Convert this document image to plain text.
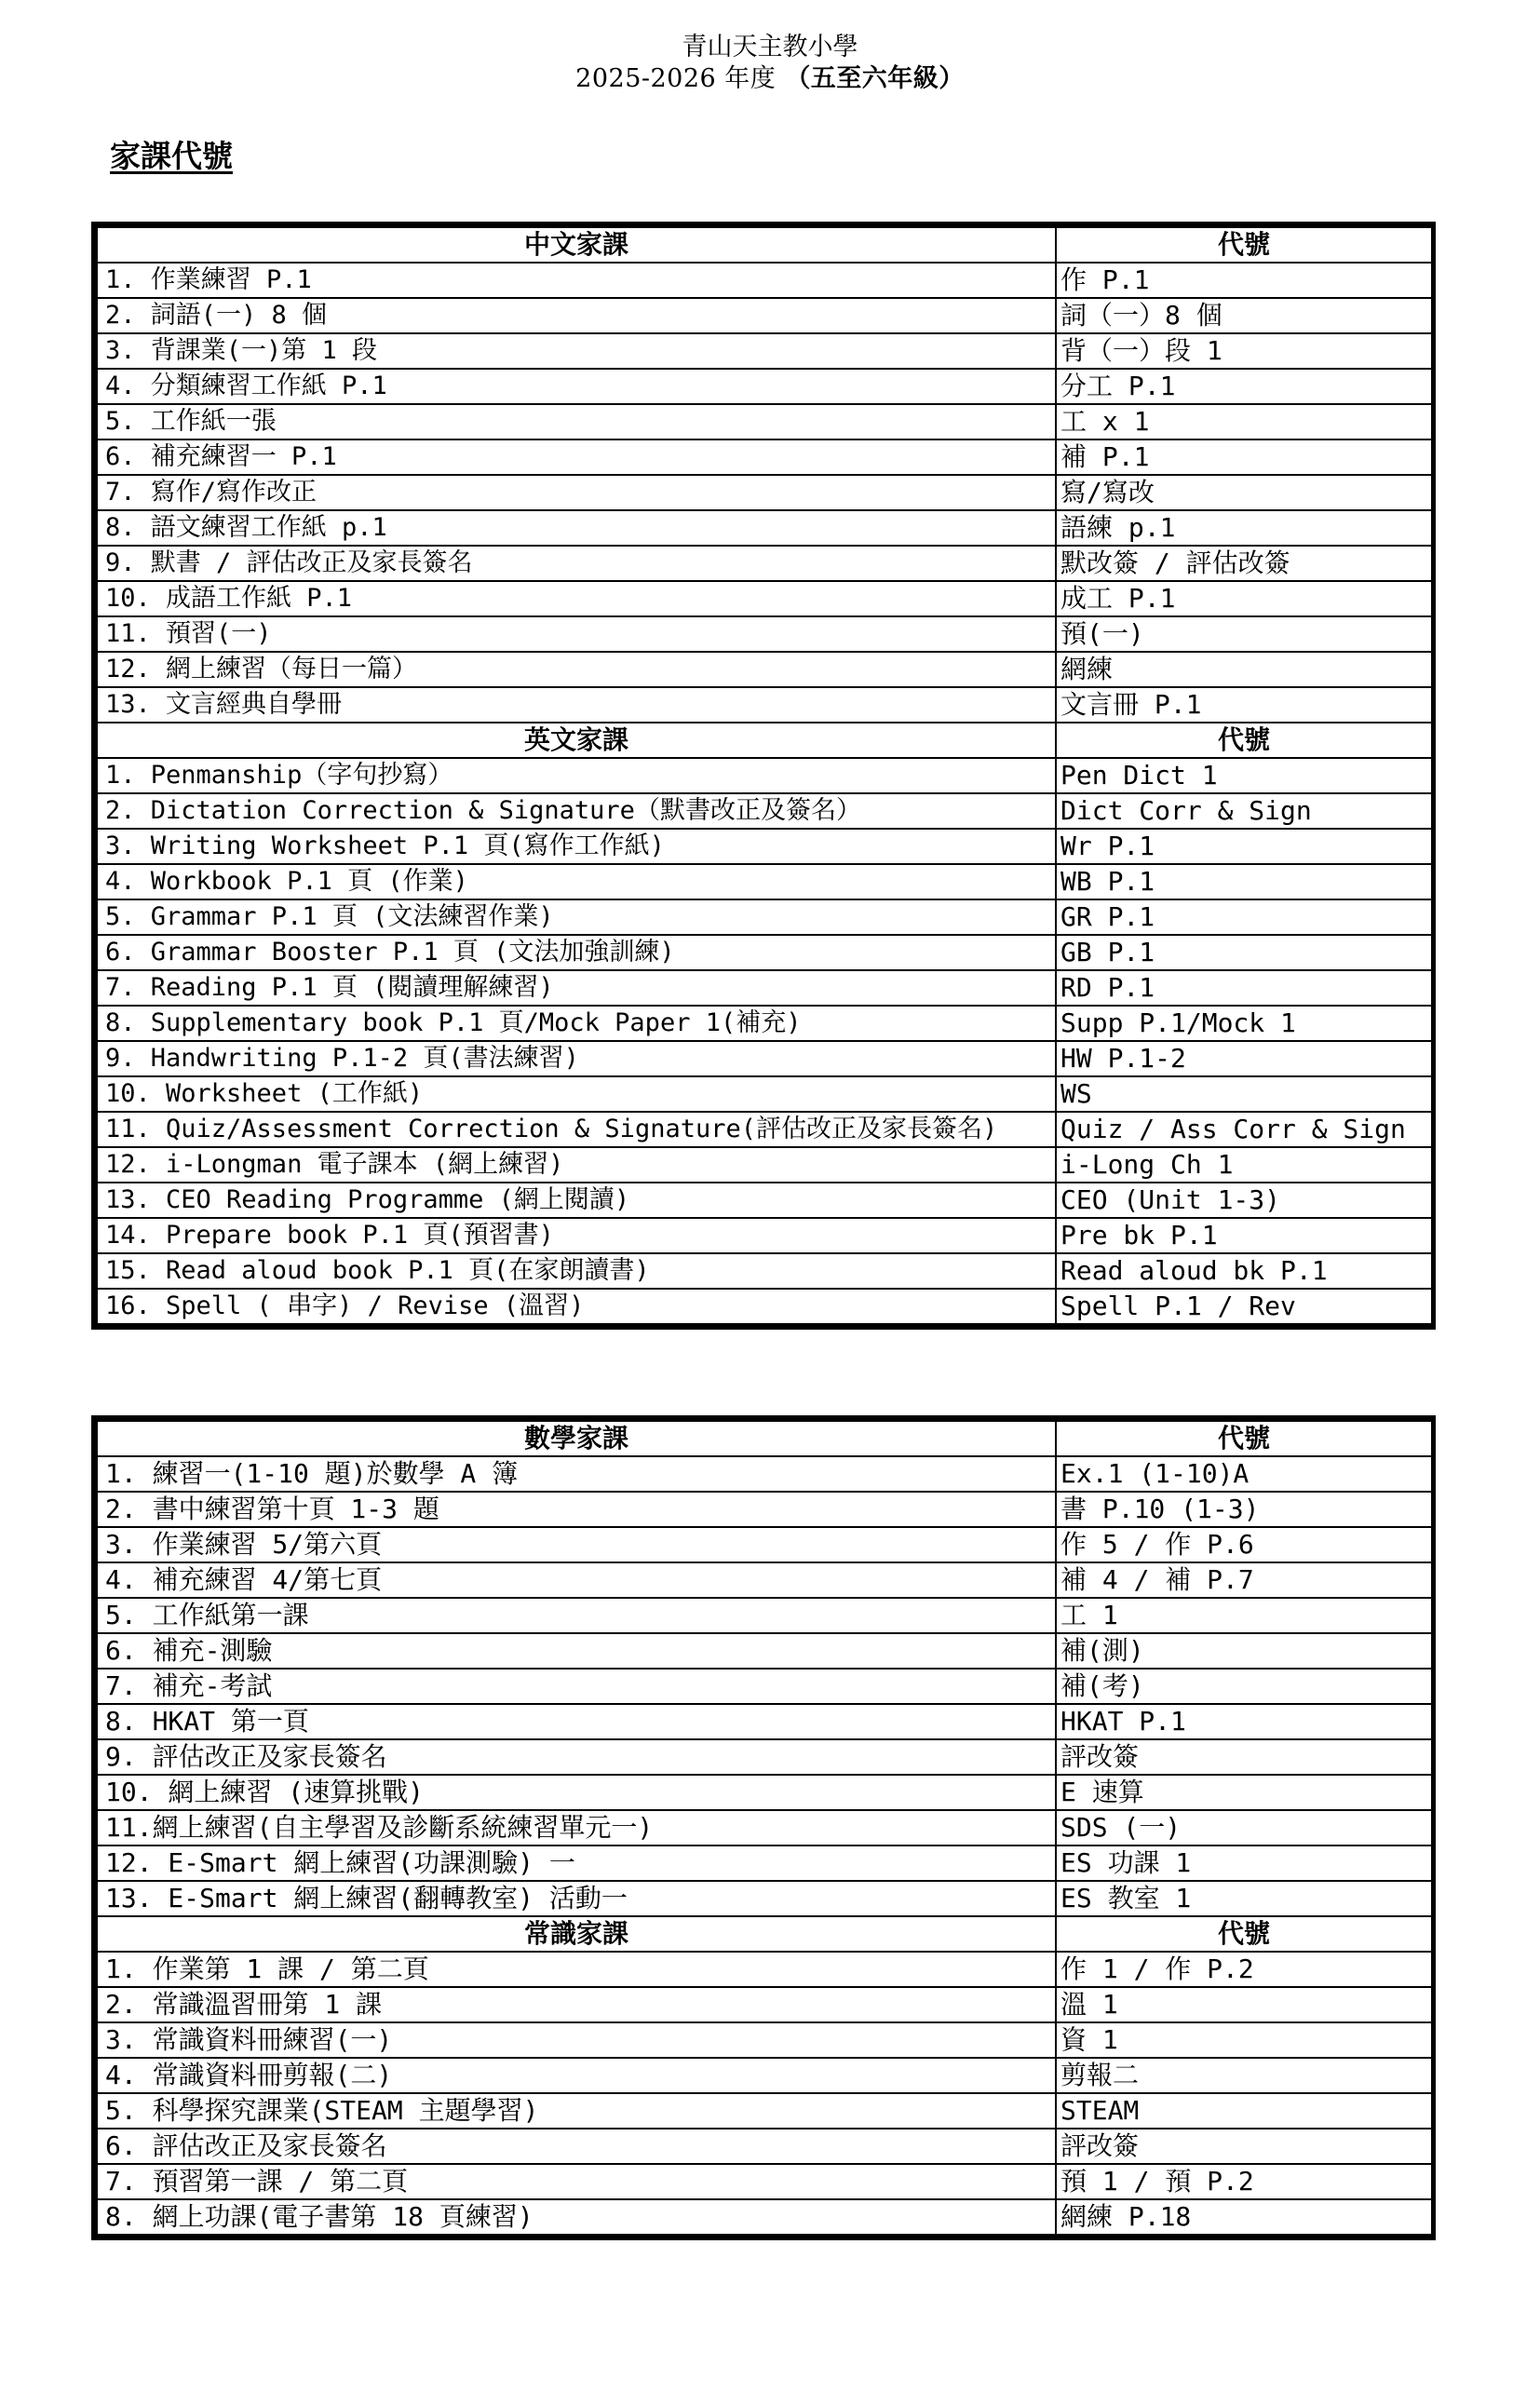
青山天主教小學
2025-2026 年度 （五至六年級）
家課代號
中文家課	代號
1. 作業練習 P.1	作 P.1
2. 詞語(一) 8 個	詞（一）8 個
3. 背課業(一)第 1 段	背（一）段 1
4. 分類練習工作紙 P.1	分工 P.1
5. 工作紙一張	工 x 1
6. 補充練習一 P.1	補 P.1
7. 寫作/寫作改正	寫/寫改
8. 語文練習工作紙 p.1	語練 p.1
9. 默書 / 評估改正及家長簽名	默改簽 / 評估改簽
10. 成語工作紙 P.1	成工 P.1
11. 預習(一)	預(一)
12. 網上練習（每日一篇）	網練
13. 文言經典自學冊	文言冊 P.1
英文家課	代號
1. Penmanship（字句抄寫）	Pen Dict 1
2. Dictation Correction & Signature（默書改正及簽名）	Dict Corr & Sign
3. Writing Worksheet P.1 頁(寫作工作紙)	Wr P.1
4. Workbook P.1 頁 (作業)	WB P.1
5. Grammar P.1 頁 (文法練習作業)	GR P.1
6. Grammar Booster P.1 頁 (文法加強訓練)	GB P.1
7. Reading P.1 頁 (閱讀理解練習)	RD P.1
8. Supplementary book P.1 頁/Mock Paper 1(補充)	Supp P.1/Mock 1
9. Handwriting P.1-2 頁(書法練習)	HW P.1-2
10. Worksheet (工作紙)	WS
11. Quiz/Assessment Correction & Signature(評估改正及家長簽名)	Quiz / Ass Corr & Sign
12. i-Longman 電子課本 (網上練習)	i-Long Ch 1
13. CEO Reading Programme (網上閱讀)	CEO (Unit 1-3)
14. Prepare book P.1 頁(預習書)	Pre bk P.1
15. Read aloud book P.1 頁(在家朗讀書)	Read aloud bk P.1
16. Spell ( 串字) / Revise (溫習)	Spell P.1 / Rev
數學家課	代號
1. 練習一(1-10 題)於數學 A 簿	Ex.1 (1-10)A
2. 書中練習第十頁 1-3 題	書 P.10 (1-3)
3. 作業練習 5/第六頁	作 5 / 作 P.6
4. 補充練習 4/第七頁	補 4 / 補 P.7
5. 工作紙第一課	工 1
6. 補充-測驗	補(測)
7. 補充-考試	補(考)
8. HKAT 第一頁	HKAT P.1
9. 評估改正及家長簽名	評改簽
10. 網上練習 (速算挑戰)	E 速算
11.網上練習(自主學習及診斷系統練習單元一)	SDS (一)
12. E-Smart 網上練習(功課測驗) 一	ES 功課 1
13. E-Smart 網上練習(翻轉教室) 活動一	ES 教室 1
常識家課	代號
1. 作業第 1 課 / 第二頁	作 1 / 作 P.2
2. 常識溫習冊第 1 課	溫 1
3. 常識資料冊練習(一)	資 1
4. 常識資料冊剪報(二)	剪報二
5. 科學探究課業(STEAM 主題學習)	STEAM
6. 評估改正及家長簽名	評改簽
7. 預習第一課 / 第二頁	預 1 / 預 P.2
8. 網上功課(電子書第 18 頁練習)	網練 P.18
